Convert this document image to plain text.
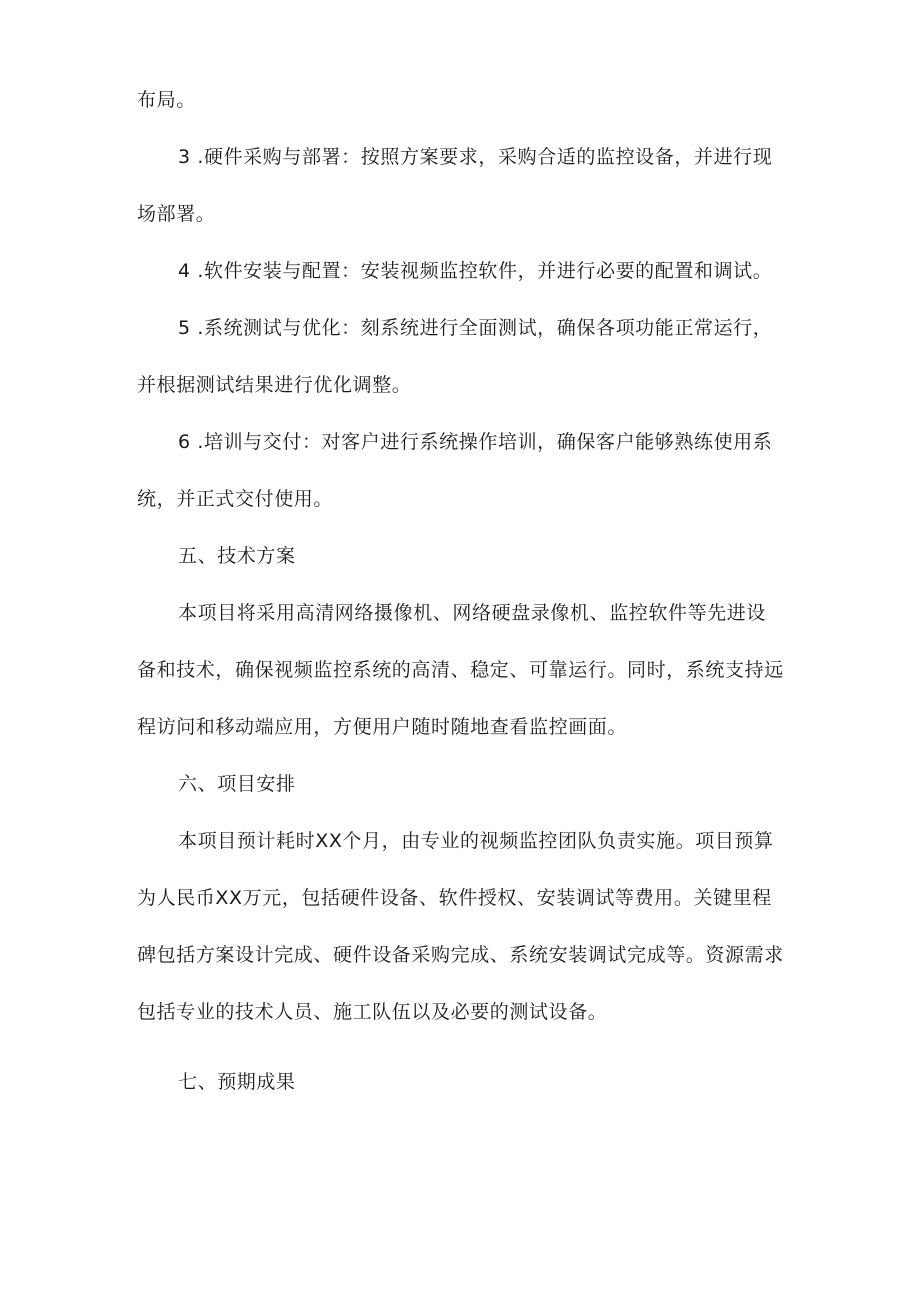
布局。
3 .硬件采购与部署：按照方案要求，采购合适的监控设备，并进行现
场部署。
4 .软件安装与配置：安装视频监控软件，并进行必要的配置和调试。
5 .系统测试与优化：刻系统进行全面测试，确保各项功能正常运行，
并根据测试结果进行优化调整。
6 .培训与交付：对客户进行系统操作培训，确保客户能够熟练使用系
统，并正式交付使用。
五、技术方案
本项目将采用高清网络摄像机、网络硬盘录像机、监控软件等先进设
备和技术，确保视频监控系统的高清、稳定、可靠运行。同时，系统支持远
程访问和移动端应用，方便用户随时随地查看监控画面。
六、项目安排
本项目预计耗时XX个月，由专业的视频监控团队负责实施。项目预算
为人民币XX万元，包括硬件设备、软件授权、安装调试等费用。关键里程
碑包括方案设计完成、硬件设备采购完成、系统安装调试完成等。资源需求
包括专业的技术人员、施工队伍以及必要的测试设备。
七、预期成果
